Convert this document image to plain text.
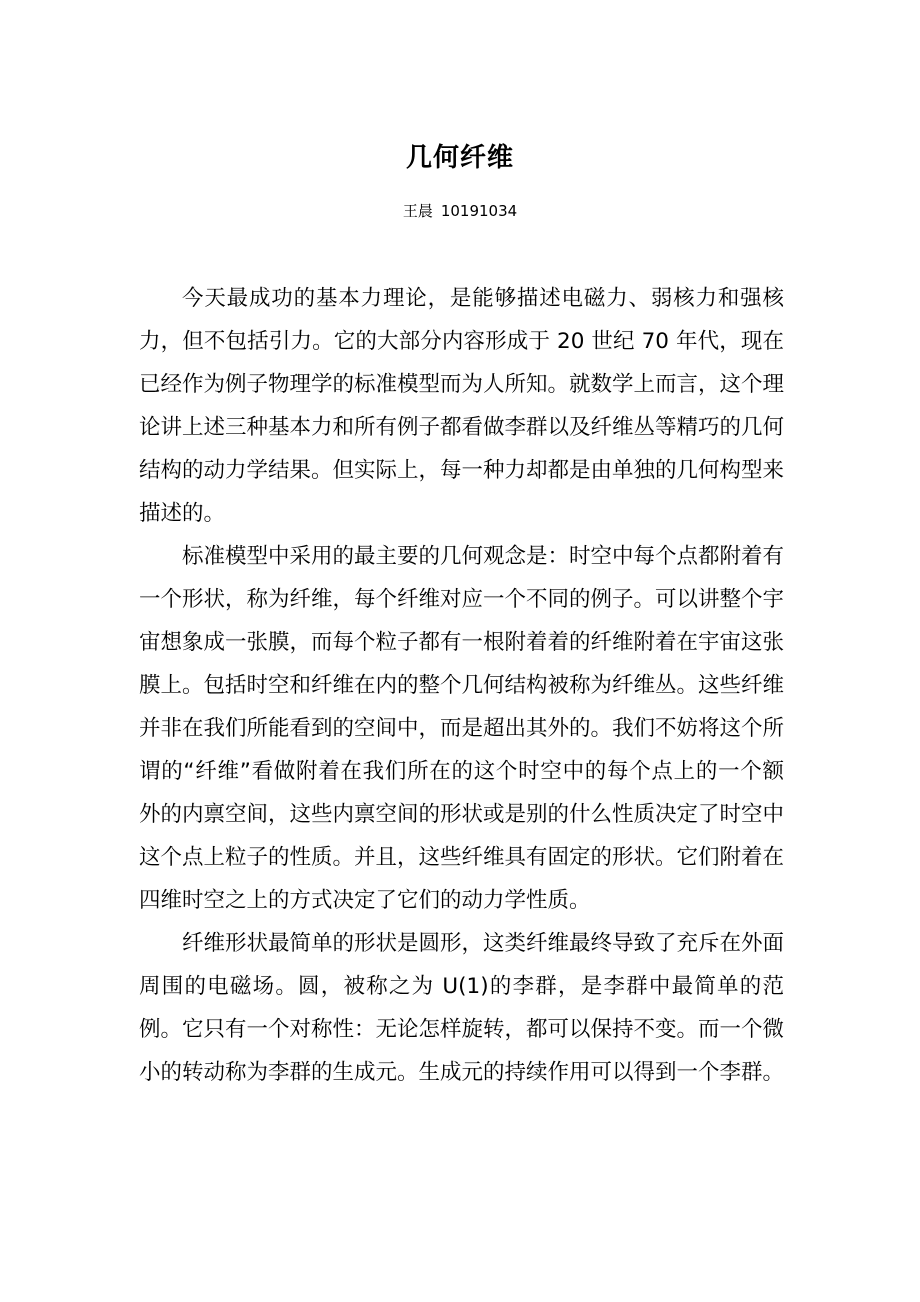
几何纤维
王晨 10191034

今天最成功的基本力理论，是能够描述电磁力、弱核力和强核力，但不包括引力。它的大部分内容形成于 20 世纪 70 年代，现在已经作为例子物理学的标准模型而为人所知。就数学上而言，这个理论讲上述三种基本力和所有例子都看做李群以及纤维丛等精巧的几何结构的动力学结果。但实际上，每一种力却都是由单独的几何构型来描述的。

标准模型中采用的最主要的几何观念是：时空中每个点都附着有一个形状，称为纤维，每个纤维对应一个不同的例子。可以讲整个宇宙想象成一张膜，而每个粒子都有一根附着着的纤维附着在宇宙这张膜上。包括时空和纤维在内的整个几何结构被称为纤维丛。这些纤维并非在我们所能看到的空间中，而是超出其外的。我们不妨将这个所谓的“纤维”看做附着在我们所在的这个时空中的每个点上的一个额外的内禀空间，这些内禀空间的形状或是别的什么性质决定了时空中这个点上粒子的性质。并且，这些纤维具有固定的形状。它们附着在四维时空之上的方式决定了它们的动力学性质。

纤维形状最简单的形状是圆形，这类纤维最终导致了充斥在外面周围的电磁场。圆，被称之为 U(1)的李群，是李群中最简单的范例。它只有一个对称性：无论怎样旋转，都可以保持不变。而一个微小的转动称为李群的生成元。生成元的持续作用可以得到一个李群。
